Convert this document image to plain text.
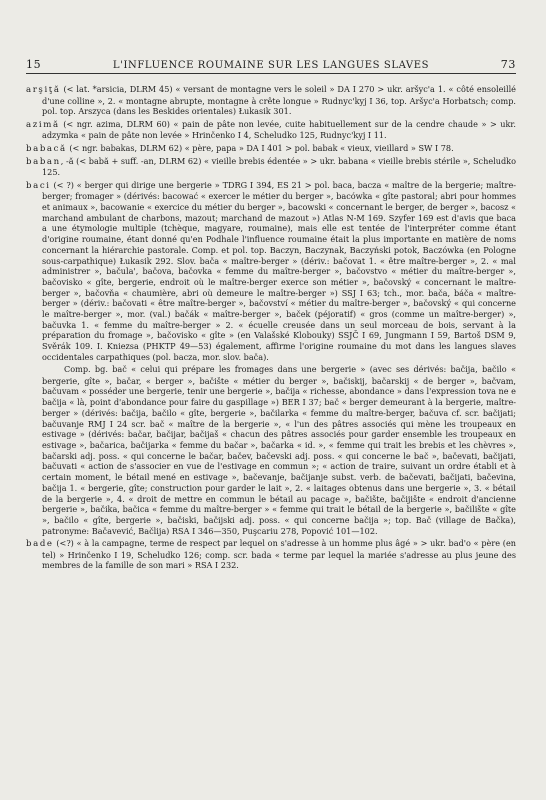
15	L'INFLUENCE ROUMAINE SUR LES LANGUES SLAVES	73

arşiţă (< lat. *arsicia, DLRM 45) « versant de montagne vers le soleil » DA I 270 > ukr. aršyc'a 1. « côté ensoleillé d'une colline », 2. « montagne abrupte, montagne à crête longue » Rudnyc'kyj I 36, top. Aršyc'a Horbatsch; comp. pol. top. Arszyca (dans les Beskides orientales) Łukasik 301.

azimă (< ngr. azima, DLRM 60) « pain de pâte non levée, cuite habituellement sur de la cendre chaude » > ukr. adzymka « pain de pâte non levée » Hrinčenko I 4, Scheludko 125, Rudnyc'kyj I 11.

babacă (< ngr. babakas, DLRM 62) « père, papa » DA I 401 > pol. babak « vieux, vieillard » SW I 78.

baban, -ă (< babă + suff. -an, DLRM 62) « vieille brebis édentée » > ukr. babana « vieille brebis stérile », Scheludko 125.

baci (< ?) « berger qui dirige une bergerie » TDRG I 394, ES 21 > pol. baca, bacza « maître de la bergerie; maître-berger; fromager » (dérivés: bacować « exercer le métier du berger », bacówka « gîte pastoral; abri pour hommes et animaux », bacowanie « exercice du métier du berger », bacowski « concernant le berger, de berger », bacosz « marchand ambulant de charbons, mazout; marchand de mazout ») Atlas N-M 169. Szyfer 169 est d'avis que baca a une étymologie multiple (tchèque, magyare, roumaine), mais elle est tentée de l'interpréter comme étant d'origine roumaine, étant donné qu'en Podhale l'influence roumaine était la plus importante en matière de noms concernant la hiérarchie pastorale. Comp. et pol. top. Baczyn, Baczynak, Baczyński potok, Baczówka (en Pologne sous-carpathique) Łukasik 292. Slov. bača « maître-berger » (dériv.: bačovat 1. « être maître-berger », 2. « mal administrer », bačula', bačova, bačovka « femme du maître-berger », bačovstvo « métier du maître-berger », bačovisko « gîte, bergerie, endroit où le maître-berger exerce son métier », bačovský « concernant le maître-berger », bačovňa « chaumière, abri où demeure le maître-berger ») SSJ I 63; tch., mor. bača, báča « maître-berger » (dériv.: bačovati « être maître-berger », bačovství « métier du maître-berger », bačovský « qui concerne le maître-berger », mor. (val.) bačák « maître-berger », baček (péjoratif) « gros (comme un maître-berger) », bačuvka 1. « femme du maître-berger » 2. « écuelle creusée dans un seul morceau de bois, servant à la préparation du fromage », bačovisko « gîte » (en Valašské Klobouky) SSJČ I 69, Jungmann I 59, Bartoš DSM 9, Svěrák 109. I. Kniezsa (PHKTP 49—53) également, affirme l'origine roumaine du mot dans les langues slaves occidentales carpathiques (pol. bacza, mor. slov. bača).

Comp. bg. bač « celui qui prépare les fromages dans une bergerie » (avec ses dérivés: bačija, bačilo « bergerie, gîte », bačar, « berger », bačište « métier du berger », bačiskij, bačarskij « de berger », bačvam, bačuvam « posséder une bergerie, tenir une bergerie », bačija « richesse, abondance » dans l'expression tova ne e bačija « là, point d'abondance pour faire du gaspillage ») BER I 37; bač « berger demeurant à la bergerie, maître-berger » (dérivés: bačija, bačilo « gîte, bergerie », bačilarka « femme du maître-berger, bačuva cf. scr. bačijati; bačuvanje RMJ I 24 scr. bač « maître de la bergerie », « l'un des pâtres associés qui mène les troupeaux en estivage » (dérivés: bačar, bačijar, bačijaš « chacun des pâtres associés pour garder ensemble les troupeaux en estivage », bačarica, bačijarka « femme du bačar », bačarka « id. », « femme qui trait les brebis et les chèvres », bačarski adj. poss. « qui concerne le bačar, bačev, bačevski adj. poss. « qui concerne le bač », bačevati, bačijati, bačuvati « action de s'associer en vue de l'estivage en commun »; « action de traire, suivant un ordre établi et à certain moment, le bétail mené en estivage », bačevanje, bačijanje subst. verb. de bačevati, bačijati, bačevina, bačija 1. « bergerie, gîte; construction pour garder le lait », 2. « laitages obtenus dans une bergerie », 3. « bétail de la bergerie », 4. « droit de mettre en commun le bétail au pacage », bačište, bačijište « endroit d'ancienne bergerie », bačika, bačica « femme du maître-berger » « femme qui trait le bétail de la bergerie », bačilište « gîte », bačilo « gîte, bergerie », bačiski, bačijski adj. poss. « qui concerne bačija »; top. Bač (village de Bačka), patronyme: Bačavević, Bačlija) RSA I 346—350, Puşcariu 278, Popović 101—102.

bade (<?) « à la campagne, terme de respect par lequel on s'adresse à un homme plus âgé » > ukr. bad'o « père (en tel) » Hrinčenko I 19, Scheludko 126; comp. scr. bada « terme par lequel la mariée s'adresse au plus jeune des membres de la famille de son mari » RSA I 232.
